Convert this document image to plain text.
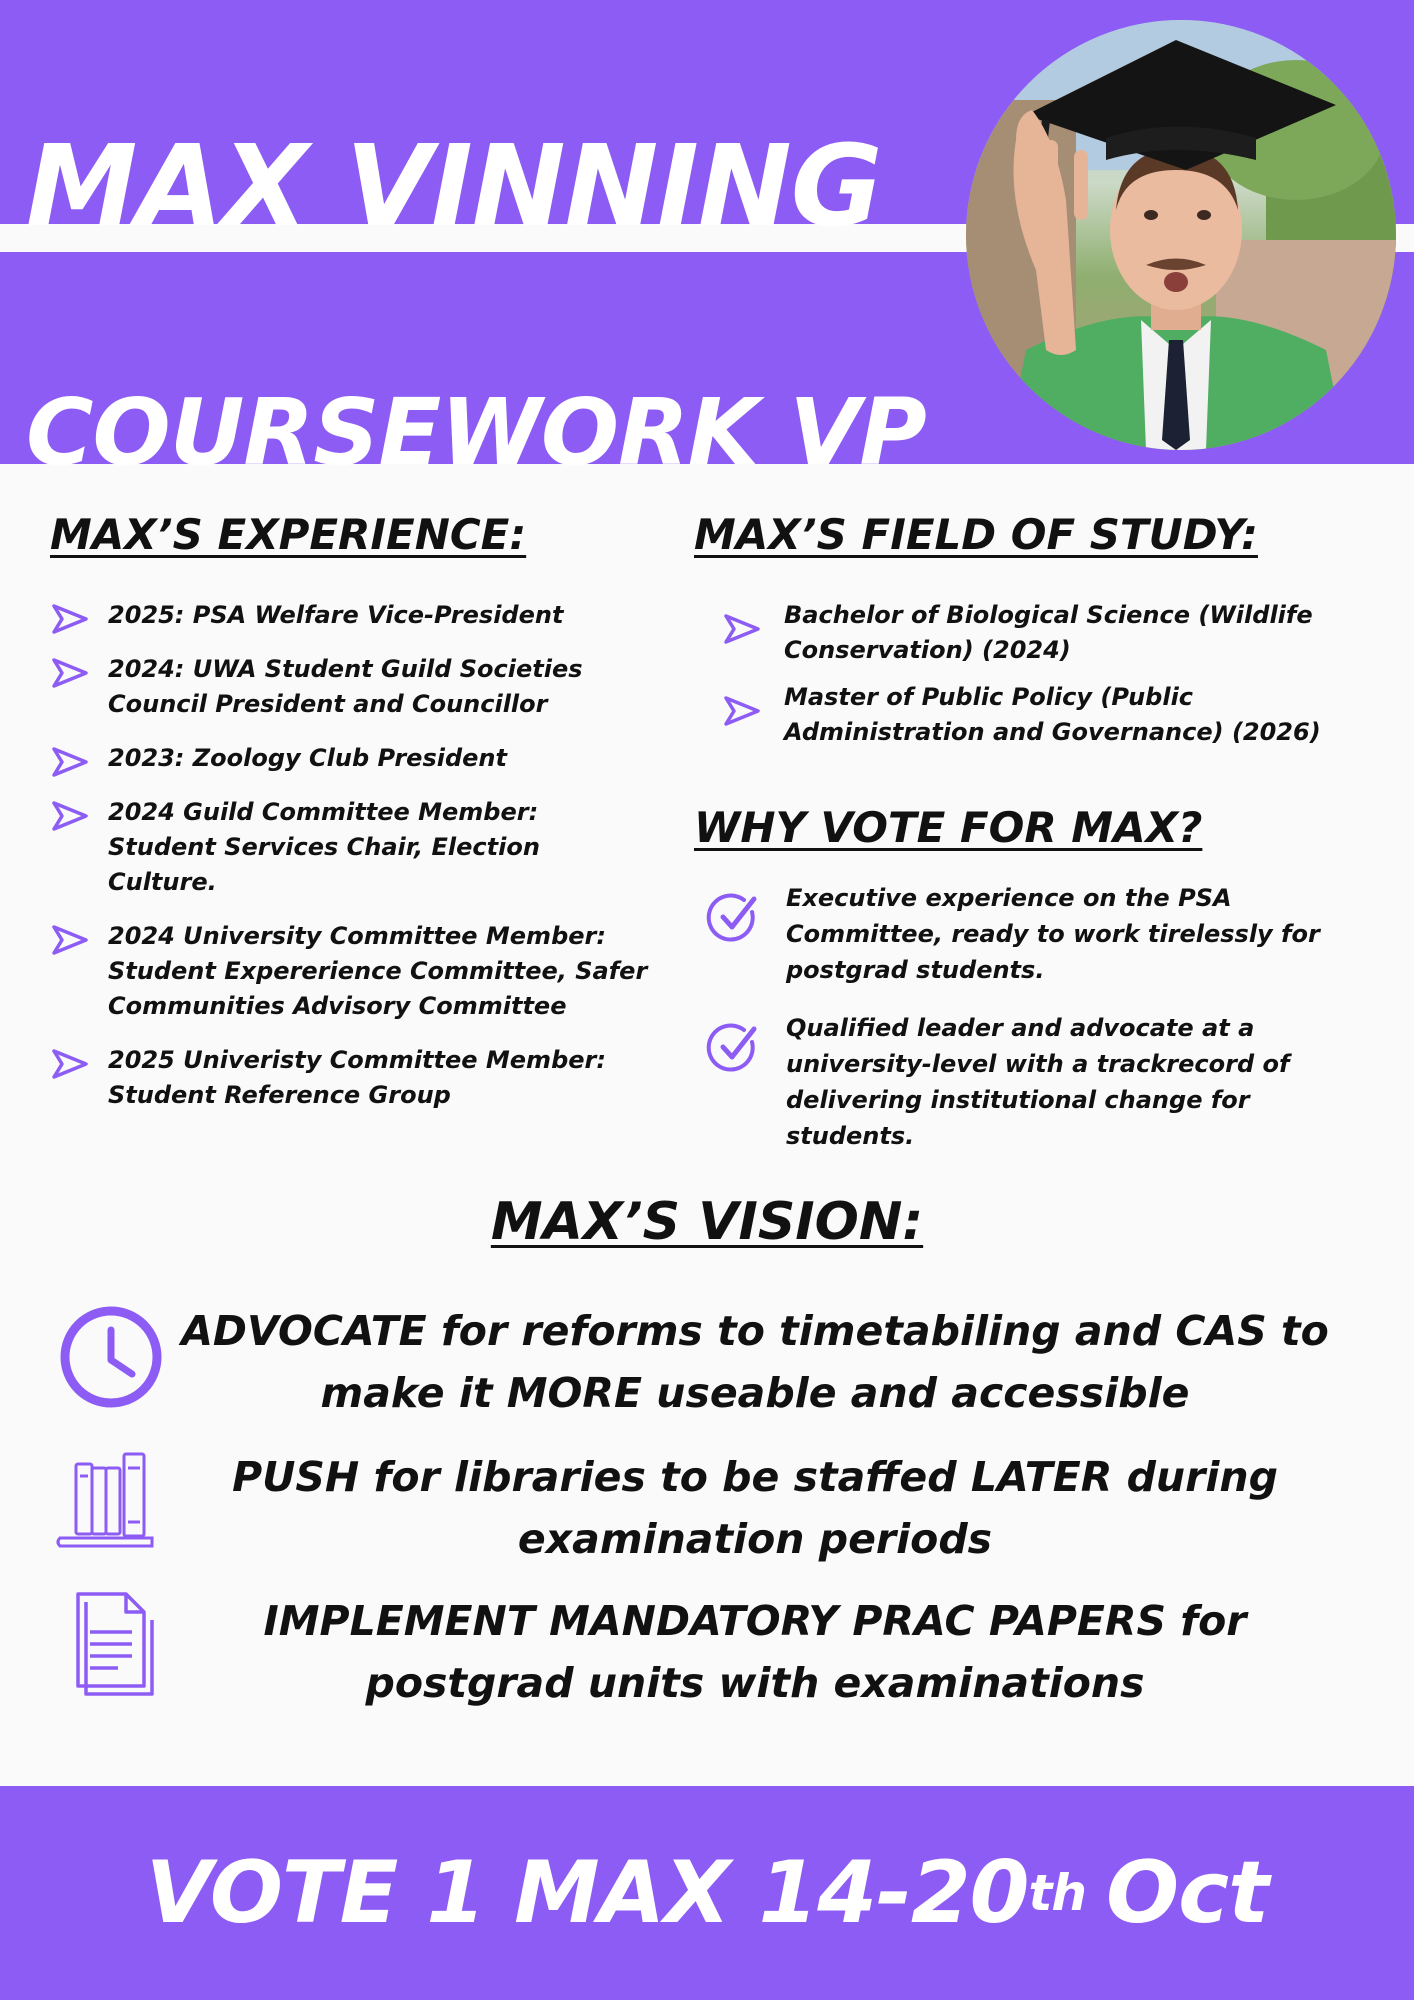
MAX VINNING
COURSEWORK VP
MAX’S EXPERIENCE:
2025: PSA Welfare Vice-President
2024: UWA Student Guild Societies Council President and Councillor
2023: Zoology Club President
2024 Guild Committee Member: Student Services Chair, Election Culture.
2024 University Committee Member: Student Expererience Committee, Safer Communities Advisory Committee
2025 Univeristy Committee Member: Student Reference Group
MAX’S FIELD OF STUDY:
Bachelor of Biological Science (Wildlife Conservation) (2024)
Master of Public Policy (Public Administration and Governance) (2026)
WHY VOTE FOR MAX?
Executive experience on the PSA Committee, ready to work tirelessly for postgrad students.
Qualified leader and advocate at a university-level with a trackrecord of delivering institutional change for students.
MAX’S VISION:

ADVOCATE for reforms to timetabiling and CAS to make it MORE useable and accessible

PUSH for libraries to be staffed LATER during examination periods

IMPLEMENT MANDATORY PRAC PAPERS for postgrad units with examinations

VOTE 1 MAX 14-20 th Oct
